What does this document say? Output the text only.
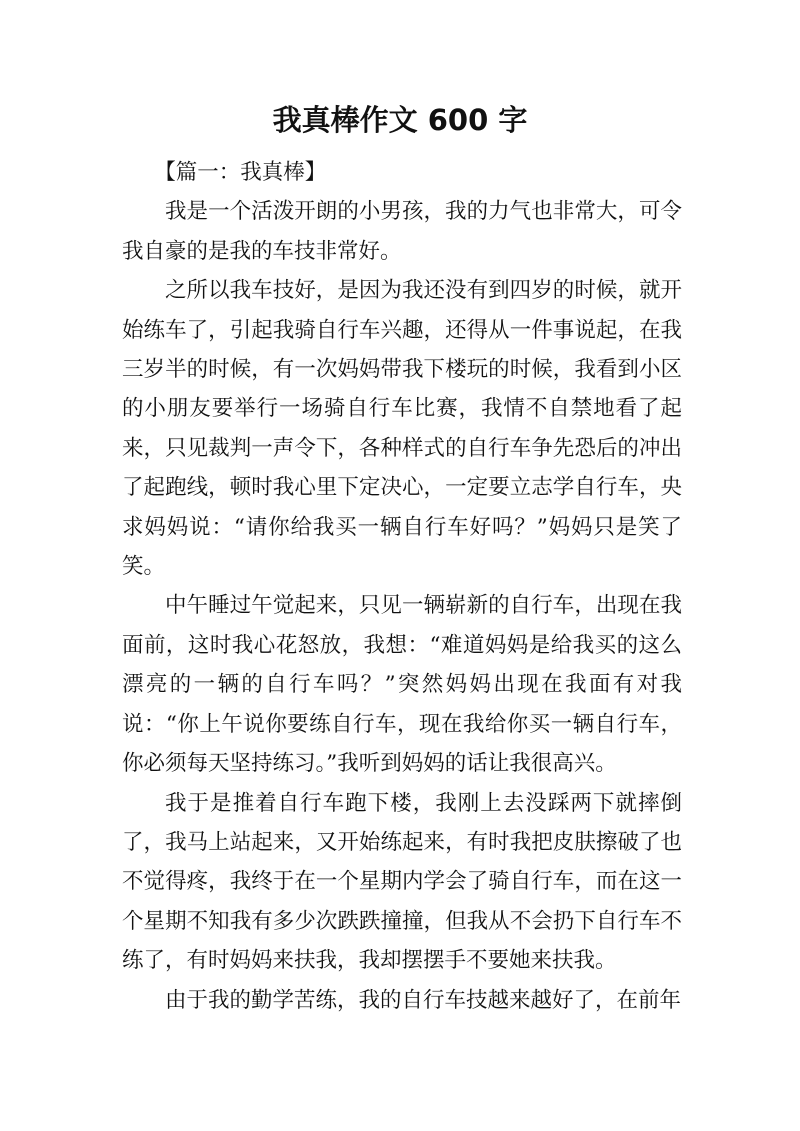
我真棒作文 600 字

【篇一：我真棒】

我是一个活泼开朗的小男孩，我的力气也非常大，可令我自豪的是我的车技非常好。

之所以我车技好，是因为我还没有到四岁的时候，就开始练车了，引起我骑自行车兴趣，还得从一件事说起，在我三岁半的时候，有一次妈妈带我下楼玩的时候，我看到小区的小朋友要举行一场骑自行车比赛，我情不自禁地看了起来，只见裁判一声令下，各种样式的自行车争先恐后的冲出了起跑线，顿时我心里下定决心，一定要立志学自行车，央求妈妈说：“请你给我买一辆自行车好吗？”妈妈只是笑了笑。

中午睡过午觉起来，只见一辆崭新的自行车，出现在我面前，这时我心花怒放，我想：“难道妈妈是给我买的这么漂亮的一辆的自行车吗？”突然妈妈出现在我面有对我说：“你上午说你要练自行车，现在我给你买一辆自行车，你必须每天坚持练习。”我听到妈妈的话让我很高兴。

我于是推着自行车跑下楼，我刚上去没踩两下就摔倒了，我马上站起来，又开始练起来，有时我把皮肤擦破了也不觉得疼，我终于在一个星期内学会了骑自行车，而在这一个星期不知我有多少次跌跌撞撞，但我从不会扔下自行车不练了，有时妈妈来扶我，我却摆摆手不要她来扶我。

由于我的勤学苦练，我的自行车技越来越好了，在前年
